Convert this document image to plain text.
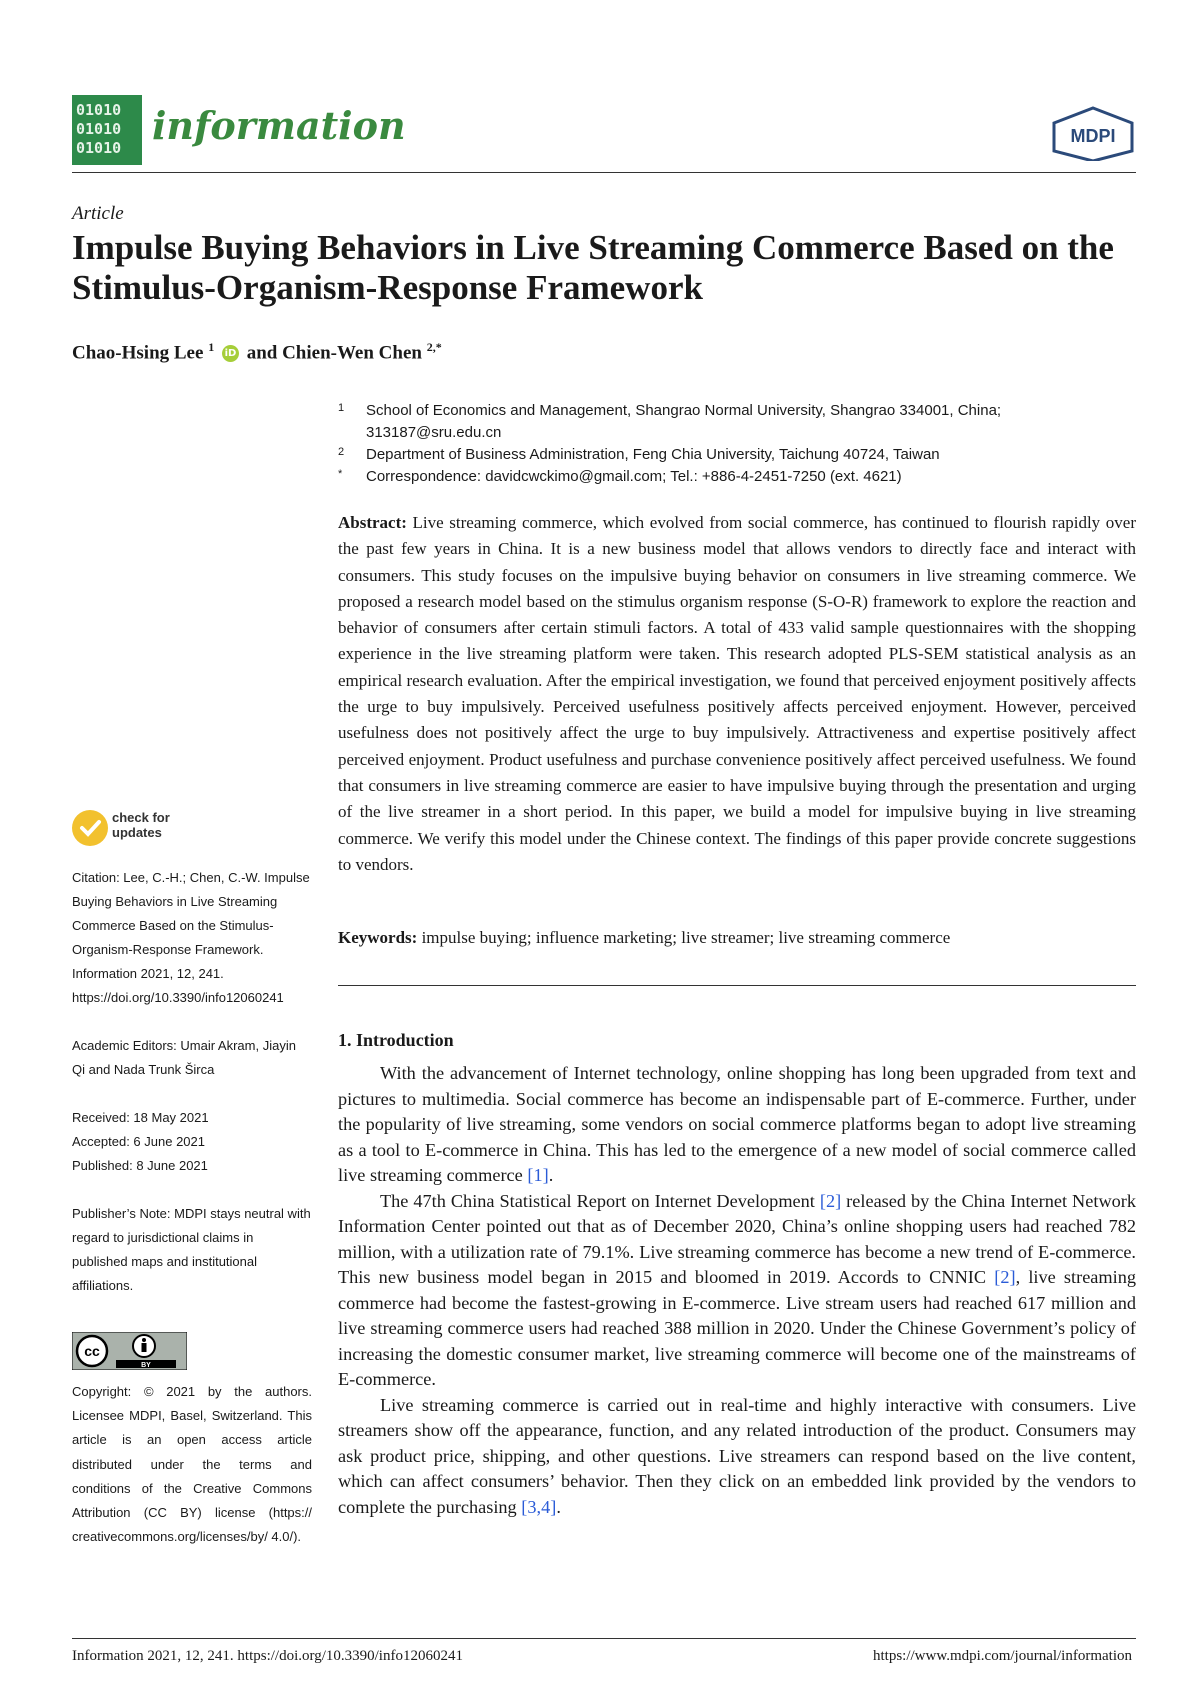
01010
01010
01010 information	MDPI
Article
Impulse Buying Behaviors in Live Streaming Commerce Based on the Stimulus-Organism-Response Framework
Chao-Hsing Lee $^1$ iD and Chien-Wen Chen $^{2,*}$
1 School of Economics and Management, Shangrao Normal University, Shangrao 334001, China; 313187@sru.edu.cn
2 Department of Business Administration, Feng Chia University, Taichung 40724, Taiwan
* Correspondence: davidcwckimo@gmail.com; Tel.: +886-4-2451-7250 (ext. 4621)

Abstract: Live streaming commerce, which evolved from social commerce, has continued to flourish rapidly over the past few years in China. It is a new business model that allows vendors to directly face and interact with consumers. This study focuses on the impulsive buying behavior on consumers in live streaming commerce. We proposed a research model based on the stimulus organism response (S-O-R) framework to explore the reaction and behavior of consumers after certain stimuli factors. A total of 433 valid sample questionnaires with the shopping experience in the live streaming platform were taken. This research adopted PLS-SEM statistical analysis as an empirical research evaluation. After the empirical investigation, we found that perceived enjoyment positively affects the urge to buy impulsively. Perceived usefulness positively affects perceived enjoyment. However, perceived usefulness does not positively affect the urge to buy impulsively. Attractiveness and expertise positively affect perceived enjoyment. Product usefulness and purchase convenience positively affect perceived usefulness. We found that consumers in live streaming commerce are easier to have impulsive buying through the presentation and urging of the live streamer in a short period. In this paper, we build a model for impulsive buying in live streaming commerce. We verify this model under the Chinese context. The findings of this paper provide concrete suggestions to vendors.

Keywords: impulse buying; influence marketing; live streamer; live streaming commerce
1. Introduction

With the advancement of Internet technology, online shopping has long been upgraded from text and pictures to multimedia. Social commerce has become an indispensable part of E-commerce. Further, under the popularity of live streaming, some vendors on social commerce platforms began to adopt live streaming as a tool to E-commerce in China. This has led to the emergence of a new model of social commerce called live streaming commerce [1].

The 47th China Statistical Report on Internet Development [2] released by the China Internet Network Information Center pointed out that as of December 2020, China’s online shopping users had reached 782 million, with a utilization rate of 79.1%. Live streaming commerce has become a new trend of E-commerce. This new business model began in 2015 and bloomed in 2019. Accords to CNNIC [2], live streaming commerce had become the fastest-growing in E-commerce. Live stream users had reached 617 million and live streaming commerce users had reached 388 million in 2020. Under the Chinese Government’s policy of increasing the domestic consumer market, live streaming commerce will become one of the mainstreams of E-commerce.

Live streaming commerce is carried out in real-time and highly interactive with consumers. Live streamers show off the appearance, function, and any related introduction of the product. Consumers may ask product price, shipping, and other questions. Live streamers can respond based on the live content, which can affect consumers’ behavior. Then they click on an embedded link provided by the vendors to complete the purchasing [3,4].

check for
updates
Citation: Lee, C.-H.; Chen, C.-W. Impulse Buying Behaviors in Live Streaming Commerce Based on the Stimulus-Organism-Response Framework. Information 2021, 12, 241. https://doi.org/10.3390/info12060241
Academic Editors: Umair Akram, Jiayin Qi and Nada Trunk Širca
Received: 18 May 2021
Accepted: 6 June 2021
Published: 8 June 2021
Publisher’s Note: MDPI stays neutral with regard to jurisdictional claims in published maps and institutional affiliations.
cc
BY
Copyright: © 2021 by the authors. Licensee MDPI, Basel, Switzerland. This article is an open access article distributed under the terms and conditions of the Creative Commons Attribution (CC BY) license (https:// creativecommons.org/licenses/by/ 4.0/).
Information 2021, 12, 241. https://doi.org/10.3390/info12060241	https://www.mdpi.com/journal/information
